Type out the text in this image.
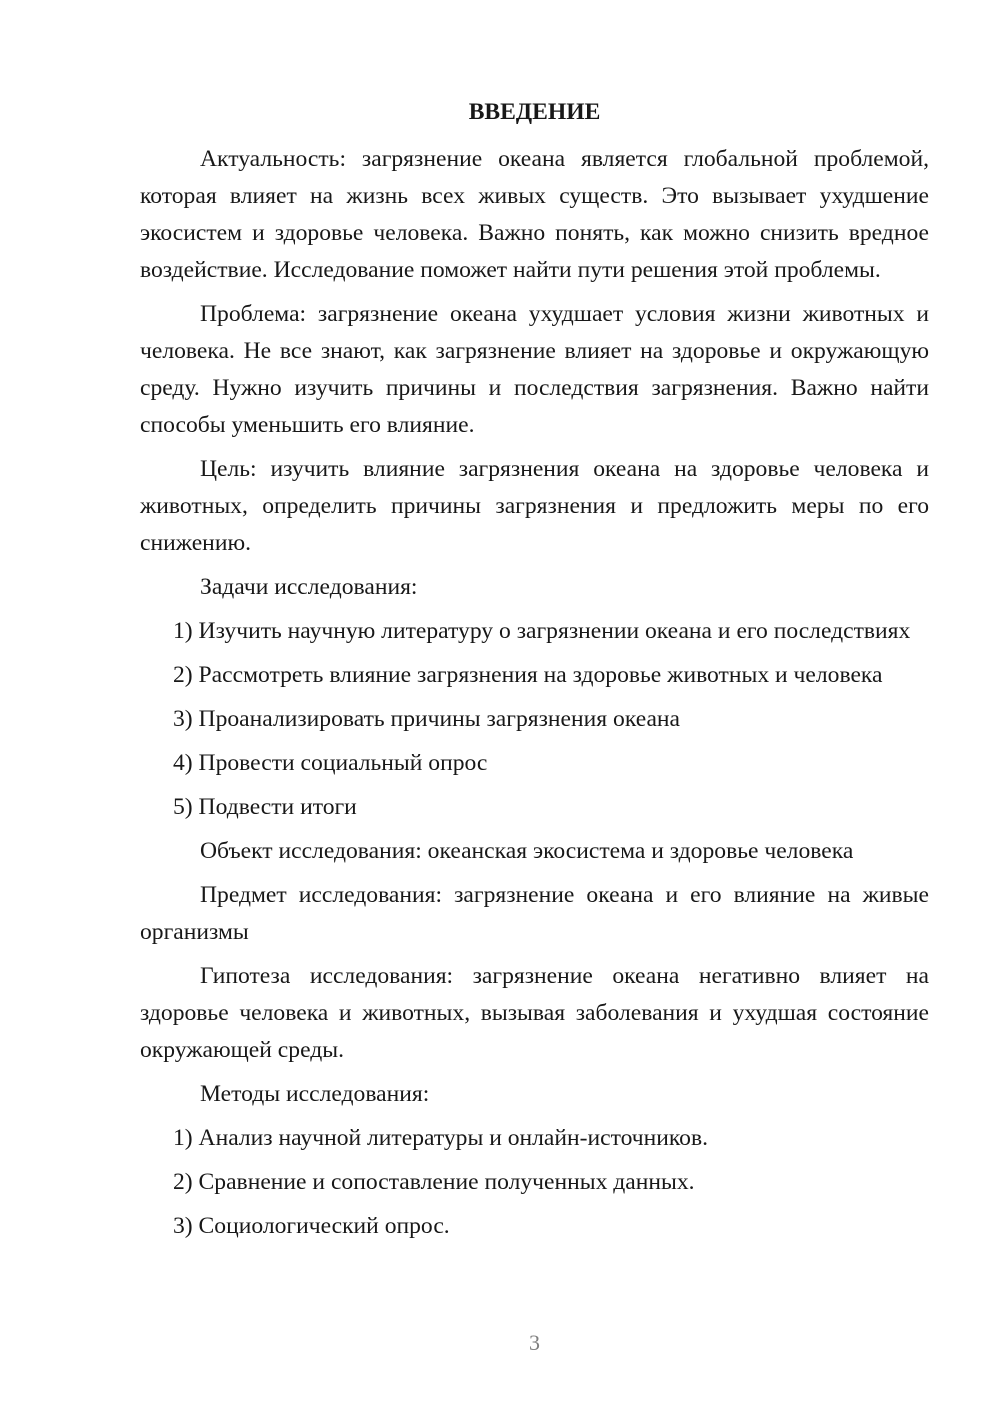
ВВЕДЕНИЕ

Актуальность: загрязнение океана является глобальной проблемой, которая влияет на жизнь всех живых существ. Это вызывает ухудшение экосистем и здоровье человека. Важно понять, как можно снизить вредное воздействие. Исследование поможет найти пути решения этой проблемы.

Проблема: загрязнение океана ухудшает условия жизни животных и человека. Не все знают, как загрязнение влияет на здоровье и окружающую среду. Нужно изучить причины и последствия загрязнения. Важно найти способы уменьшить его влияние.

Цель: изучить влияние загрязнения океана на здоровье человека и животных, определить причины загрязнения и предложить меры по его снижению.

Задачи исследования:

1) Изучить научную литературу о загрязнении океана и его последствиях

2) Рассмотреть влияние загрязнения на здоровье животных и человека

3) Проанализировать причины загрязнения океана

4) Провести социальный опрос

5) Подвести итоги

Объект исследования: океанская экосистема и здоровье человека

Предмет исследования: загрязнение океана и его влияние на живые организмы

Гипотеза исследования: загрязнение океана негативно влияет на здоровье человека и животных, вызывая заболевания и ухудшая состояние окружающей среды.

Методы исследования:

1) Анализ научной литературы и онлайн-источников.

2) Сравнение и сопоставление полученных данных.

3) Социологический опрос.

3
